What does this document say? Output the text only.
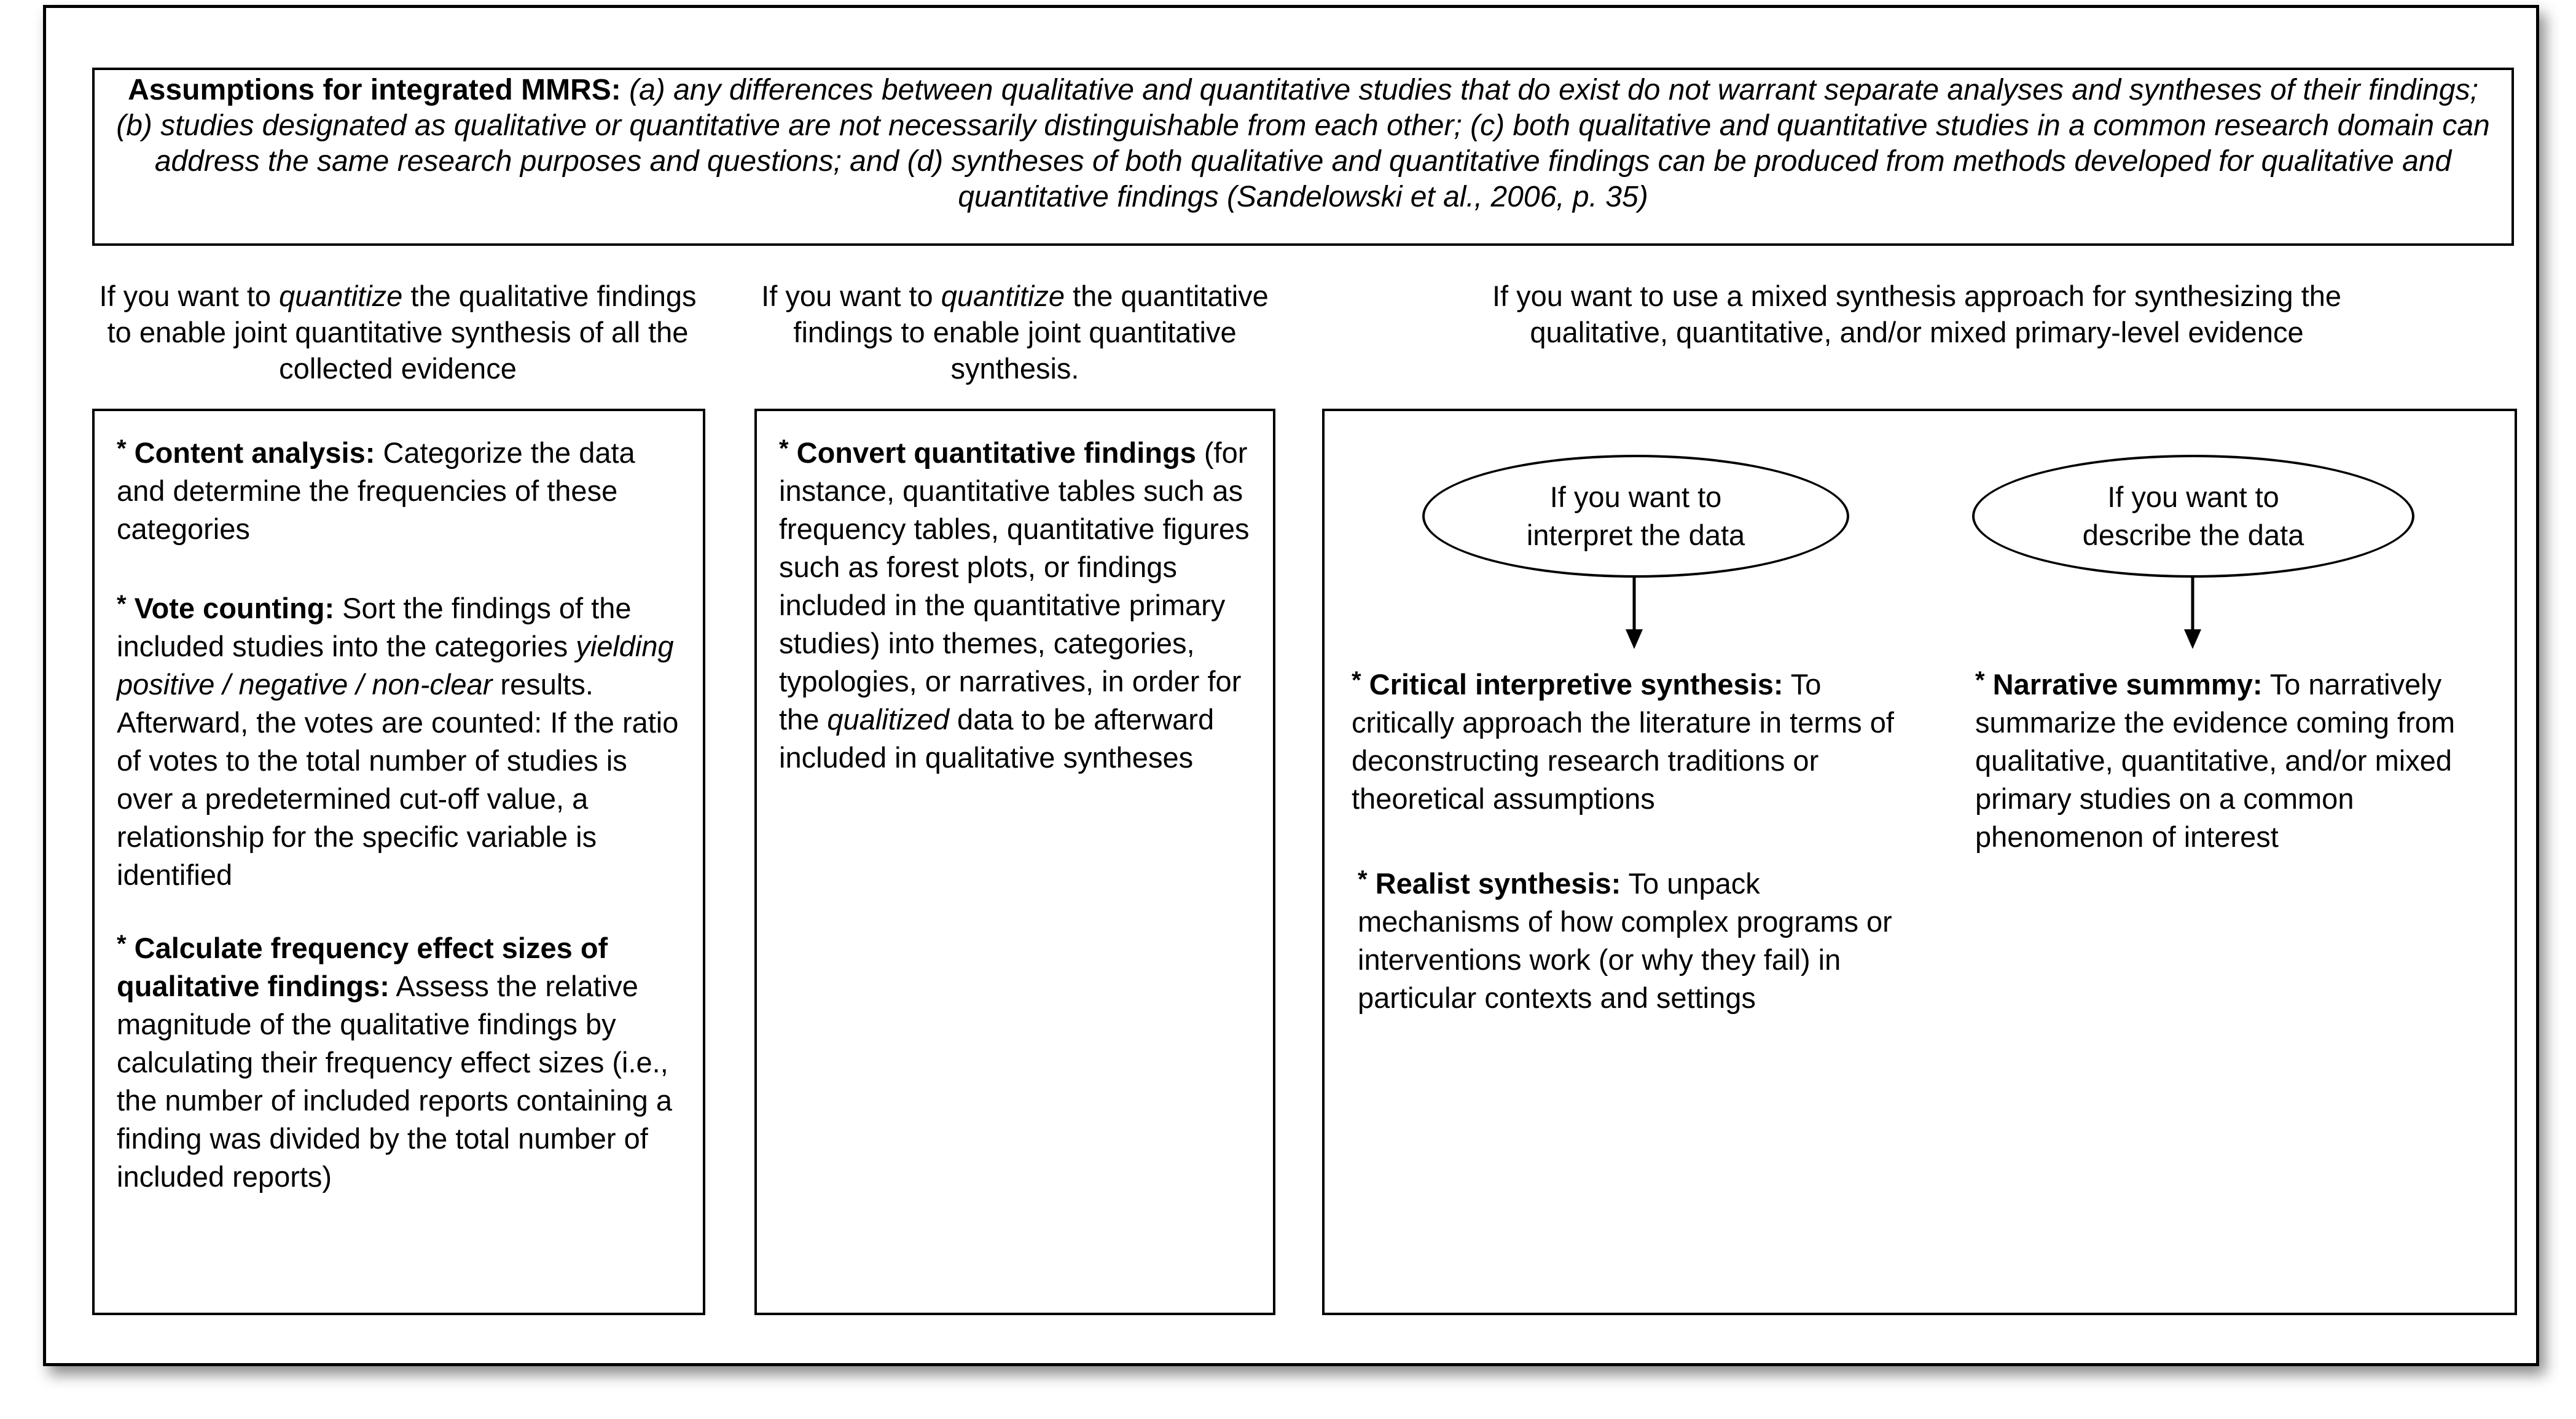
Assumptions for integrated MMRS: (a) any differences between qualitative and quantitative studies that do exist do not warrant separate analyses and syntheses of their findings; (b) studies designated as qualitative or quantitative are not necessarily distinguishable from each other; (c) both qualitative and quantitative studies in a common research domain can address the same research purposes and questions; and (d) syntheses of both qualitative and quantitative findings can be produced from methods developed for qualitative and quantitative findings (Sandelowski et al., 2006, p. 35)
If you want to quantitize the qualitative findings to enable joint quantitative synthesis of all the collected evidence
If you want to quantitize the quantitative findings to enable joint quantitative synthesis.
If you want to use a mixed synthesis approach for synthesizing the qualitative, quantitative, and/or mixed primary-level evidence
* Content analysis: Categorize the data and determine the frequencies of these categories
* Vote counting: Sort the findings of the included studies into the categories yielding positive / negative / non-clear results. Afterward, the votes are counted: If the ratio of votes to the total number of studies is over a predetermined cut-off value, a relationship for the specific variable is identified
* Calculate frequency effect sizes of qualitative findings: Assess the relative magnitude of the qualitative findings by calculating their frequency effect sizes (i.e., the number of included reports containing a finding was divided by the total number of included reports)
* Convert quantitative findings (for instance, quantitative tables such as frequency tables, quantitative figures such as forest plots, or findings included in the quantitative primary studies) into themes, categories, typologies, or narratives, in order for the qualitized data to be afterward included in qualitative syntheses
If you want to interpret the data
If you want to describe the data
* Critical interpretive synthesis: To critically approach the literature in terms of deconstructing research traditions or theoretical assumptions
* Realist synthesis: To unpack mechanisms of how complex programs or interventions work (or why they fail) in particular contexts and settings
* Narrative summmy: To narratively summarize the evidence coming from qualitative, quantitative, and/or mixed primary studies on a common phenomenon of interest
